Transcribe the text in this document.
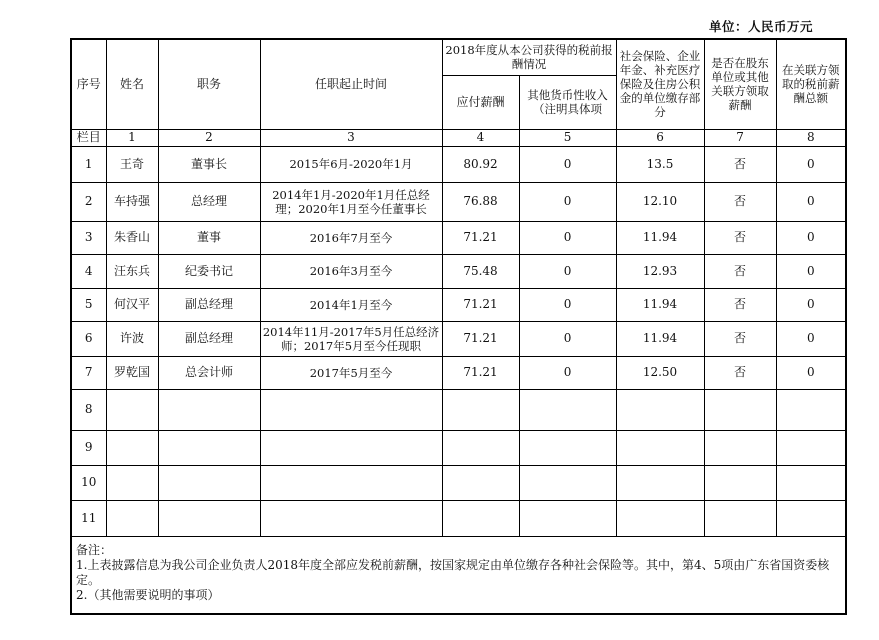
单位：人民币万元
序号	姓名	职务	任职起止时间	2018年度从本公司获得的税前报酬情况		社会保险、企业年金、补充医疗保险及住房公积金的单位缴存部分	是否在股东单位或其他关联方领取薪酬	在关联方领取的税前薪酬总额
				应付薪酬	其他货币性收入（注明具体项			
栏目	1	2	3	4	5	6	7	8
1	王奇	董事长	2015年6月-2020年1月	80.92	0	13.5	否	0
2	车持强	总经理	2014年1月-2020年1月任总经理；2020年1月至今任董事长	76.88	0	12.10	否	0
3	朱香山	董事	2016年7月至今	71.21	0	11.94	否	0
4	汪东兵	纪委书记	2016年3月至今	75.48	0	12.93	否	0
5	何汉平	副总经理	2014年1月至今	71.21	0	11.94	否	0
6	许波	副总经理	2014年11月-2017年5月任总经济师；2017年5月至今任现职	71.21	0	11.94	否	0
7	罗乾国	总会计师	2017年5月至今	71.21	0	12.50	否	0
8								
9								
10								
11								

备注：
1.上表披露信息为我公司企业负责人2018年度全部应发税前薪酬，按国家规定由单位缴存各种社会保险等。其中，第4、5项由广东省国资委核定。
2.（其他需要说明的事项）								
